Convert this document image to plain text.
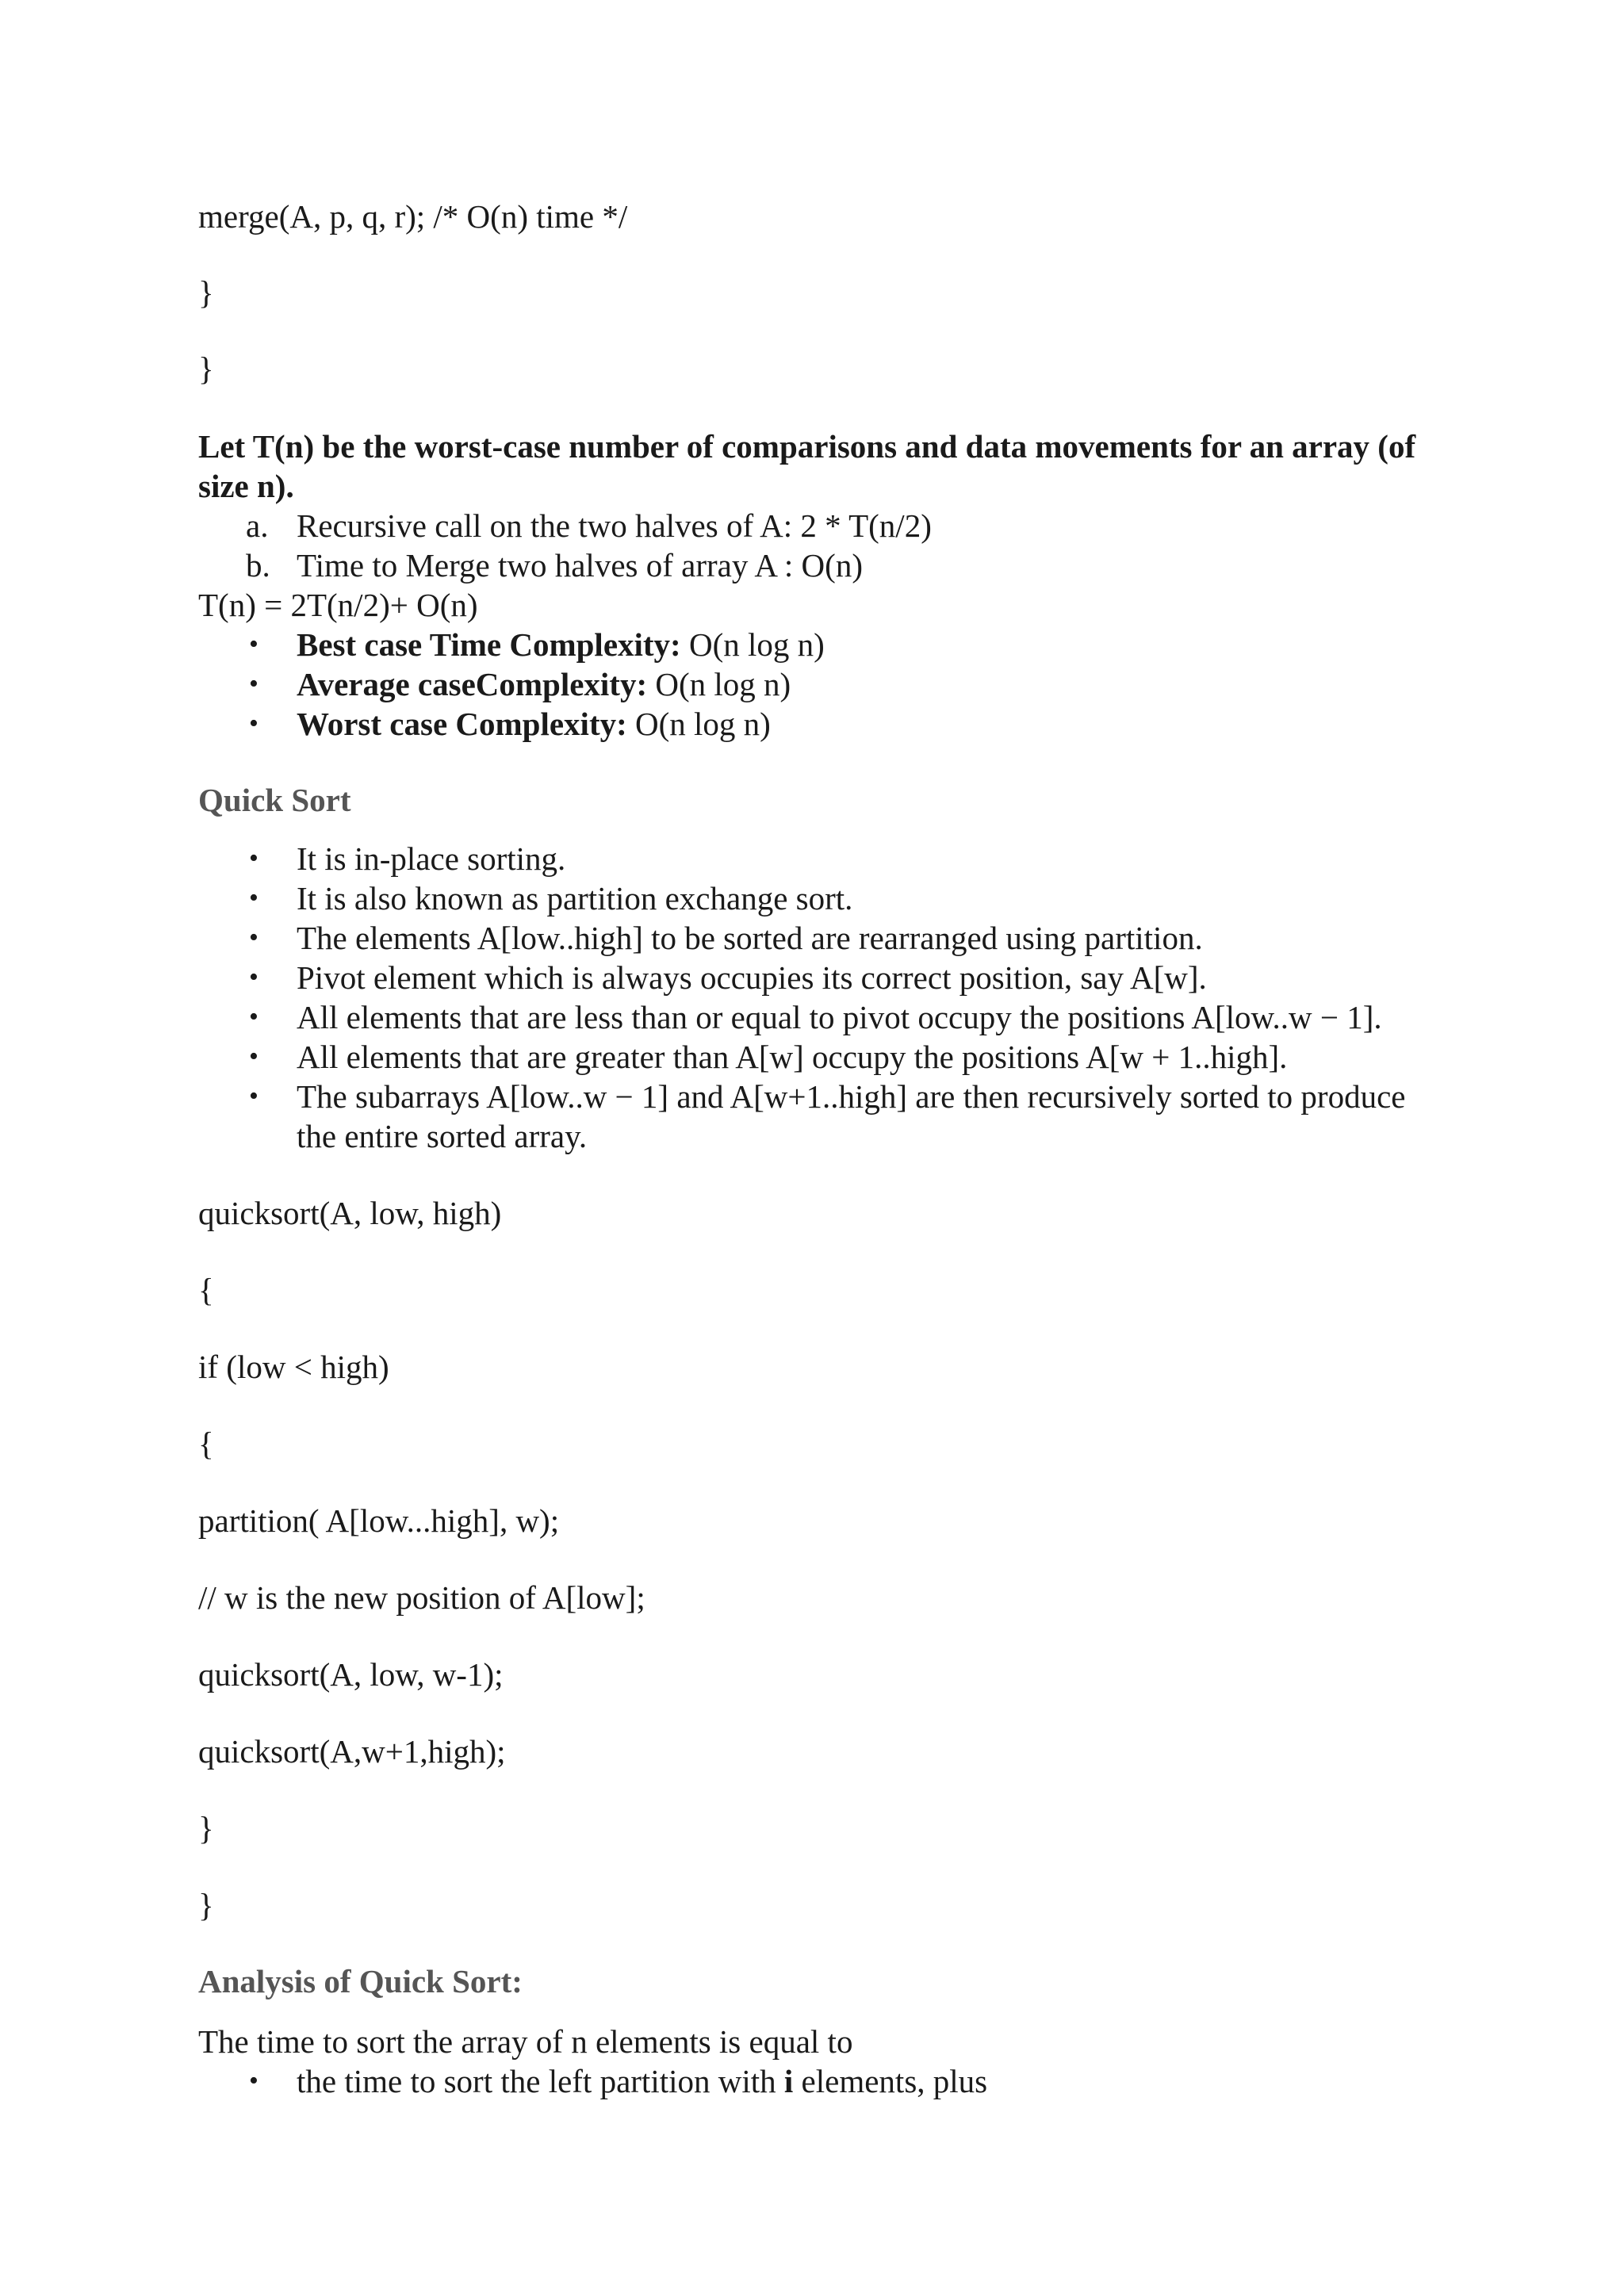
merge(A, p, q, r); /* O(n) time */
}
}
Let T(n) be the worst-case number of comparisons and data movements for an array (of
size n).
a. Recursive call on the two halves of A: 2 * T(n/2)
b. Time to Merge two halves of array A : O(n)
T(n) = 2T(n/2)+ O(n)
• Best case Time Complexity: O(n log n)
• Average caseComplexity: O(n log n)
• Worst case Complexity: O(n log n)
Quick Sort
• It is in-place sorting.
• It is also known as partition exchange sort.
• The elements A[low..high] to be sorted are rearranged using partition.
• Pivot element which is always occupies its correct position, say A[w].
• All elements that are less than or equal to pivot occupy the positions A[low..w − 1].
• All elements that are greater than A[w] occupy the positions A[w + 1..high].
• The subarrays A[low..w − 1] and A[w+1..high] are then recursively sorted to produce
the entire sorted array.
quicksort(A, low, high)
{
if (low < high)
{
partition( A[low...high], w);
// w is the new position of A[low];
quicksort(A, low, w-1);
quicksort(A,w+1,high);
}
}
Analysis of Quick Sort:
The time to sort the array of n elements is equal to
• the time to sort the left partition with i elements, plus
